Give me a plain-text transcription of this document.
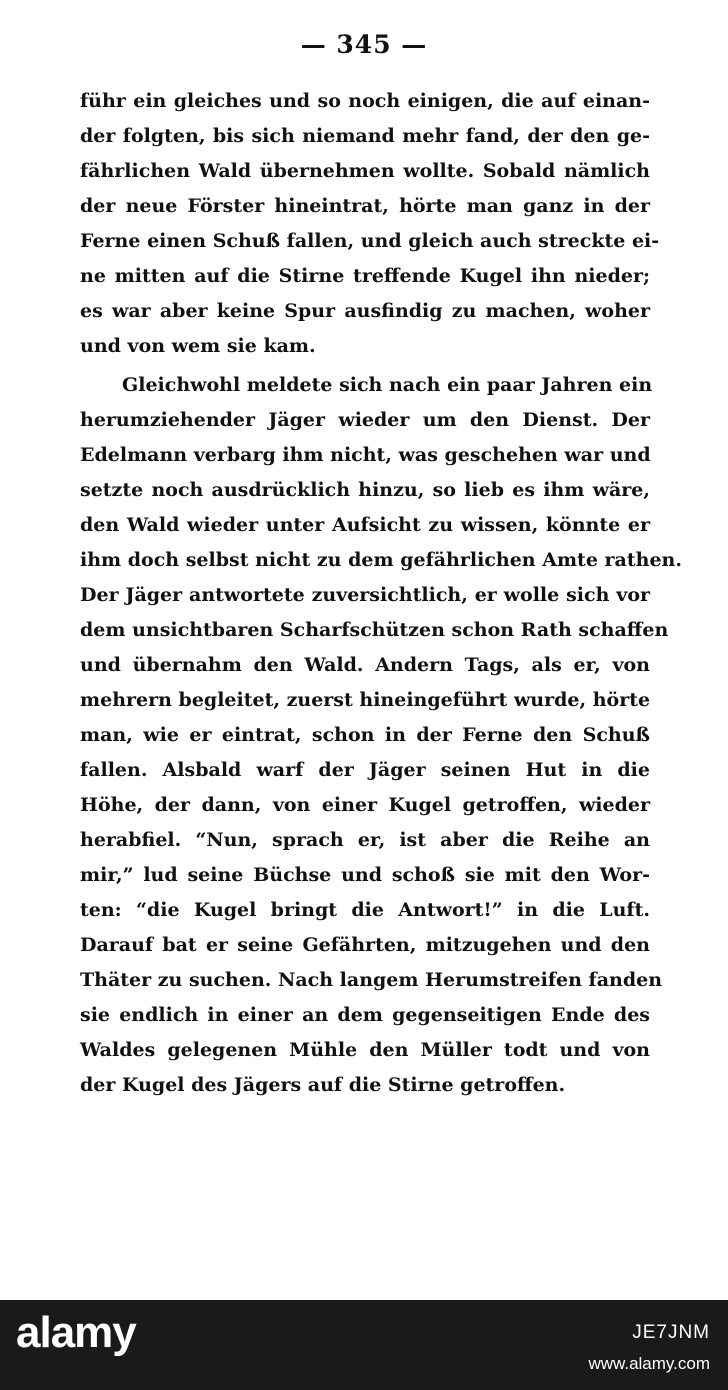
— 345 —
führ ein gleiches und so noch einigen, die auf einan-
der folgten, bis sich niemand mehr fand, der den ge-
fährlichen Wald übernehmen wollte. Sobald nämlich
der neue Förster hineintrat, hörte man ganz in der
Ferne einen Schuß fallen, und gleich auch streckte ei-
ne mitten auf die Stirne treffende Kugel ihn nieder;
es war aber keine Spur ausfindig zu machen, woher
und von wem sie kam.
Gleichwohl meldete sich nach ein paar Jahren ein
herumziehender Jäger wieder um den Dienst. Der
Edelmann verbarg ihm nicht, was geschehen war und
setzte noch ausdrücklich hinzu, so lieb es ihm wäre,
den Wald wieder unter Aufsicht zu wissen, könnte er
ihm doch selbst nicht zu dem gefährlichen Amte rathen.
Der Jäger antwortete zuversichtlich, er wolle sich vor
dem unsichtbaren Scharfschützen schon Rath schaffen
und übernahm den Wald. Andern Tags, als er, von
mehrern begleitet, zuerst hineingeführt wurde, hörte
man, wie er eintrat, schon in der Ferne den Schuß
fallen. Alsbald warf der Jäger seinen Hut in die
Höhe, der dann, von einer Kugel getroffen, wieder
herabfiel. “Nun, sprach er, ist aber die Reihe an
mir,” lud seine Büchse und schoß sie mit den Wor-
ten: “die Kugel bringt die Antwort!” in die Luft.
Darauf bat er seine Gefährten, mitzugehen und den
Thäter zu suchen. Nach langem Herumstreifen fanden
sie endlich in einer an dem gegenseitigen Ende des
Waldes gelegenen Mühle den Müller todt und von
der Kugel des Jägers auf die Stirne getroffen.
alamy	JE7JNM
www.alamy.com
